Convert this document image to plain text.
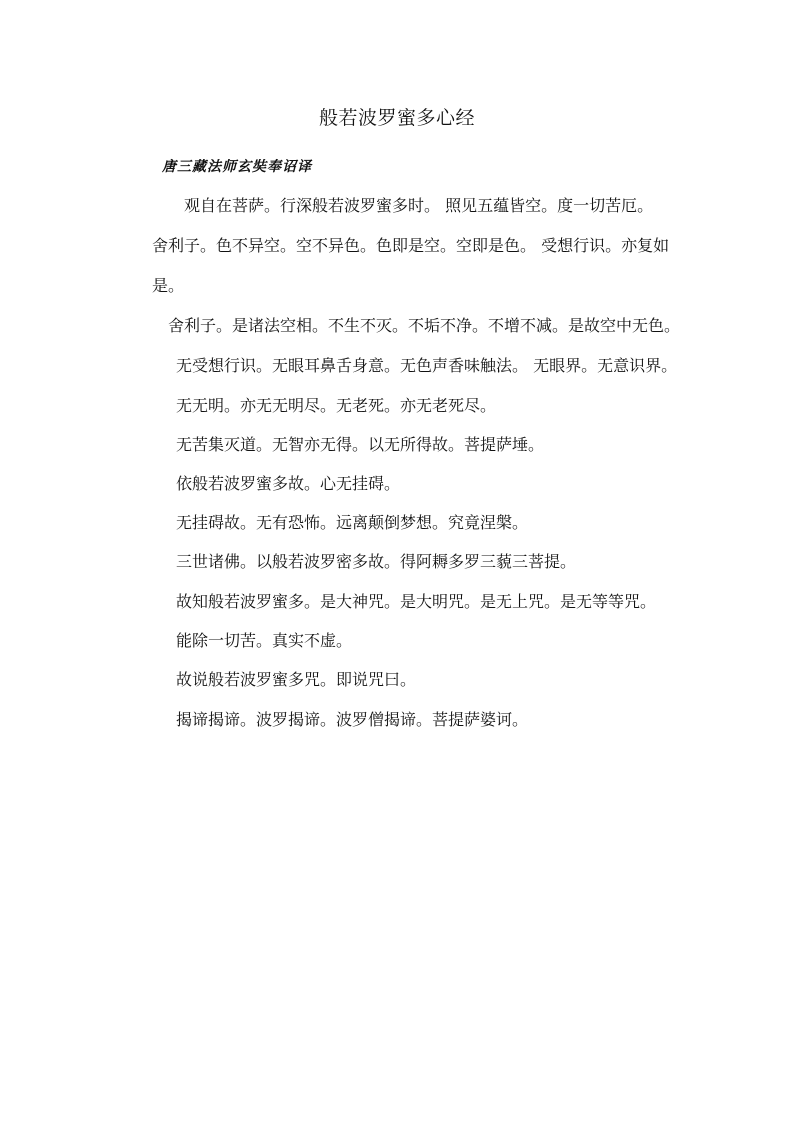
般若波罗蜜多心经
唐三藏法师玄奘奉诏译

观自在菩萨。行深般若波罗蜜多时。 照见五蕴皆空。度一切苦厄。

舍利子。色不异空。空不异色。色即是空。空即是色。 受想行识。亦复如

是。

舍利子。是诸法空相。不生不灭。不垢不净。不增不减。是故空中无色。

无受想行识。无眼耳鼻舌身意。无色声香味触法。 无眼界。无意识界。

无无明。亦无无明尽。无老死。亦无老死尽。

无苦集灭道。无智亦无得。以无所得故。菩提萨埵。

依般若波罗蜜多故。心无挂碍。

无挂碍故。无有恐怖。远离颠倒梦想。究竟涅槃。

三世诸佛。以般若波罗密多故。得阿耨多罗三藐三菩提。

故知般若波罗蜜多。是大神咒。是大明咒。是无上咒。是无等等咒。

能除一切苦。真实不虚。

故说般若波罗蜜多咒。即说咒曰。

揭谛揭谛。波罗揭谛。波罗僧揭谛。菩提萨婆诃。
